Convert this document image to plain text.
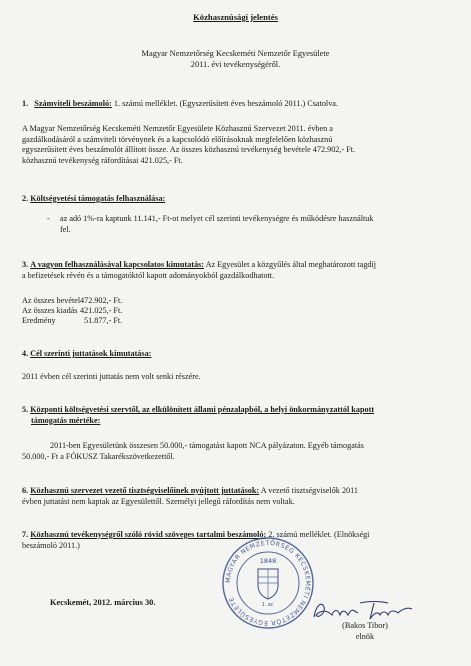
Közhasznúsági jelentés
Magyar Nemzetőrség Kecskeméti Nemzetőr Egyesülete
2011. évi tevékenységéről.
1. Számviteli beszámoló: 1. számú melléklet. (Egyszerűsített éves beszámoló 2011.) Csatolva.
A Magyar Nemzetőrség Kecskeméti Nemzetőr Egyesülete Közhasznú Szervezet 2011. évben a
gazdálkodásáról a számviteli törvénynek és a kapcsolódó előírásoknak megfelelően közhasznú
egyszerűsített éves beszámolót állított össze. Az összes közhasznú tevékenység bevétele 472.902,- Ft.
közhasznú tevékenység ráfordításai 421.025,- Ft.
2. Költségvetési támogatás felhasználása:
- az adó 1%-ra kaptunk 11.141,- Ft-ot melyet cél szerinti tevékenységre és működésre használtuk
fel.
3. A vagyon felhasználásával kapcsolatos kimutatás: Az Egyesület a közgyűlés által meghatározott tagdíj
a befizetések révén és a támogatóktól kapott adományokból gazdálkodhatott.
Az összes bevétel 472.902,- Ft.
Az összes kiadás 421.025,- Ft.
Eredmény	51.877,- Ft.
4. Cél szerinti juttatások kimutatása:
2011 évben cél szerinti juttatás nem volt senki részére.
5. Központi költségvetési szervtől, az elkülönített állami pénzalapból, a helyi önkormányzattól kapott
támogatás mértéke:
2011-ben Egyesületünk összesen 50.000,- támogatást kapott NCA pályázaton. Egyéb támogatás
50.000,- Ft a FÓKUSZ Takarékszövetkezettől.
6. Közhasznú szervezet vezető tisztségviselőinek nyújtott juttatások: A vezető tisztségviselők 2011
évben juttatást nem kaptak az Egyesülettől. Személyi jellegű ráfordítás nem voltak.
7. Közhasznú tevékenységről szóló rövid szöveges tartalmi beszámoló: 2. számú melléklet. (Elnökségi
beszámoló 2011.)
MAGYAR NEMZETŐRSÉG KECSKEMÉTI NEMZETŐR EGYESÜLETE
1848
1. sz.
Kecskemét, 2012. március 30.
(Bakos Tibor)
elnök
